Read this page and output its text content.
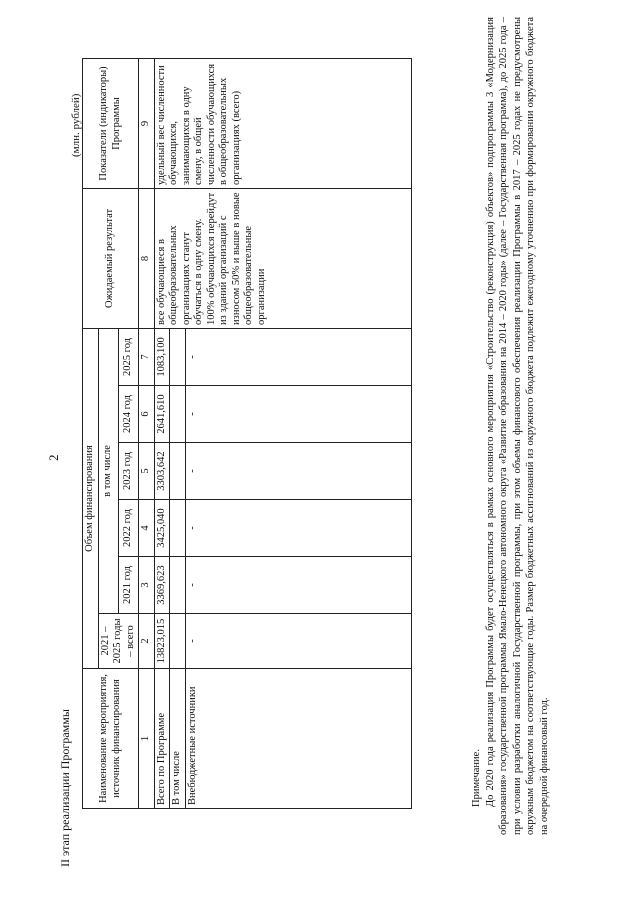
2
II этап реализации Программы
(млн. рублей)
Наименование мероприятия, источник финансирования	Объем финансирования						Ожидаемый результат	Показатели (индикаторы) Программы
	2021 – 2025 годы – всего	в том числе						
		2021 год	2022 год	2023 год	2024 год	2025 год		
1	2	3	4	5	6	7	8	9
Всего по Программе	13823,015	3369,623	3425,040	3303,642	2641,610	1083,100	все обучающиеся в общеобразовательных организациях станут обучаться в одну смену. 100% обучающихся перейдут из зданий организаций с износом 50% и выше в новые общеобразовательные организации	удельный вес численности обучающихся, занимающихся в одну смену, в общей численности обучающихся в общеобразовательных организациях (всего)
В том числе								
Внебюджетные источники	-	-	-	-	-	-		

Примечание. До 2020 года реализация Программы будет осуществляться в рамках основного мероприятия «Строительство (реконструкция) объектов» подпрограммы 3 «Модернизация образования» государственной программы Ямало-Ненецкого автономного округа «Развитие образования на 2014 – 2020 годы» (далее – Государственная программа), до 2025 года – при условии разработки аналогичной Государственной программы, при этом объемы финансового обеспечения реализации Программы в 2017 – 2025 годах не предусмотрены окружным бюджетом на соответствующие годы. Размер бюджетных ассигнований из окружного бюджета подлежит ежегодному уточнению при формировании окружного бюджета на очередной финансовый год.
